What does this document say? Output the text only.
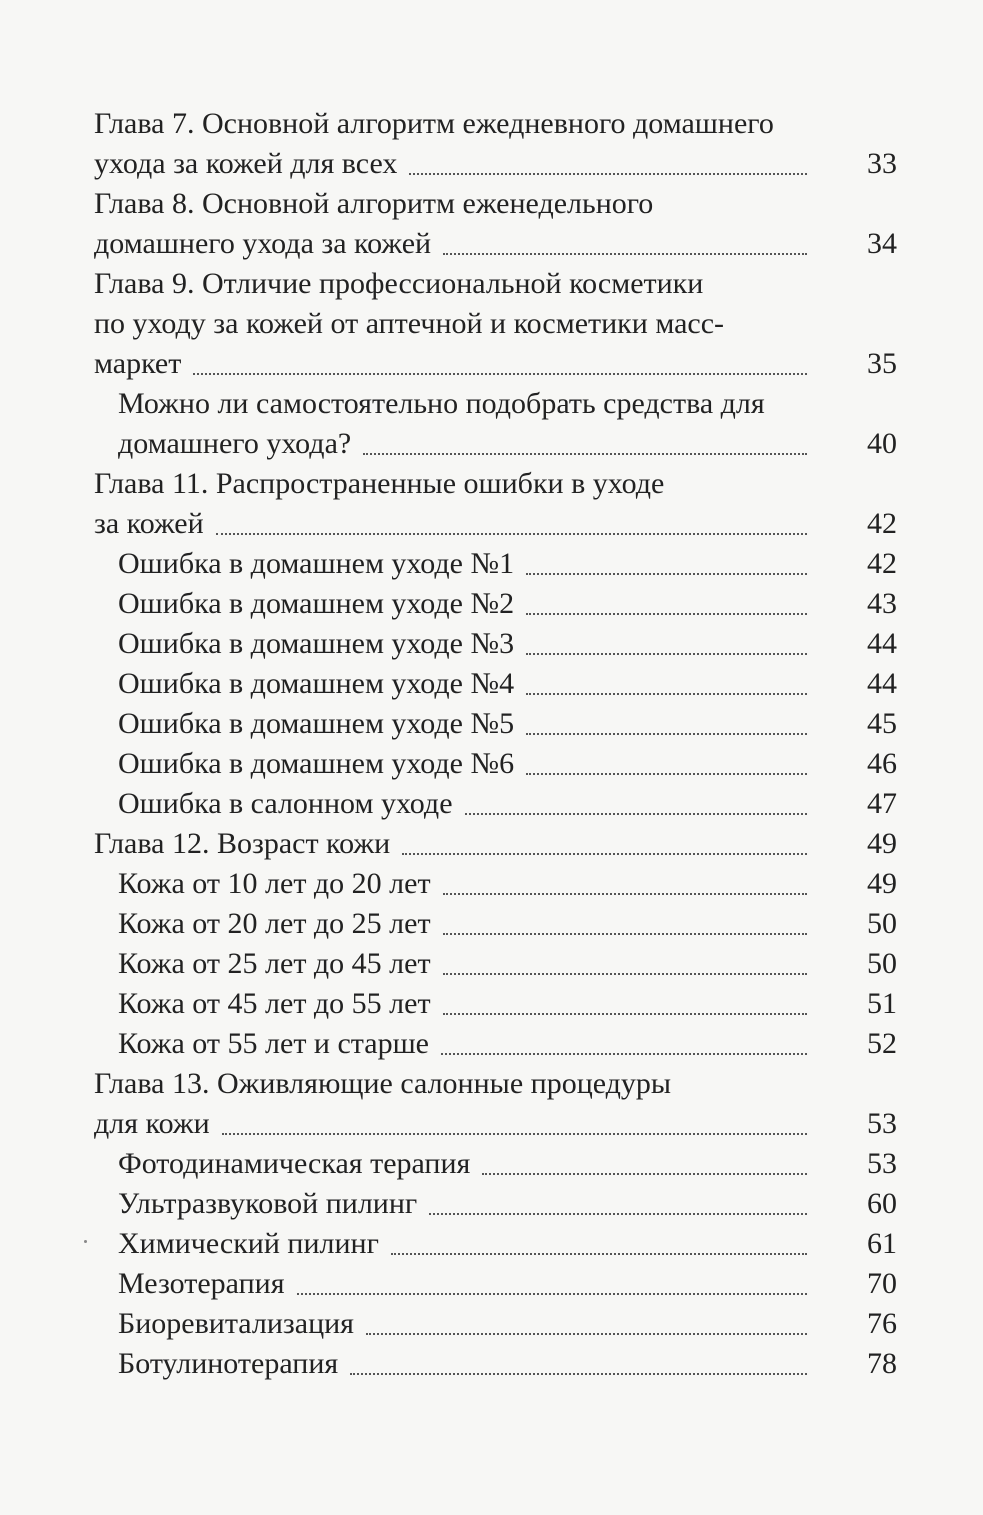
Глава 7. Основной алгоритм ежедневного домашнего
ухода за кожей для всех	33
Глава 8. Основной алгоритм еженедельного
домашнего ухода за кожей	34
Глава 9. Отличие профессиональной косметики
по уходу за кожей от аптечной и косметики масс-
маркет	35
Можно ли самостоятельно подобрать средства для
домашнего ухода?	40
Глава 11. Распространенные ошибки в уходе
за кожей	42
Ошибка в домашнем уходе №1	42
Ошибка в домашнем уходе №2	43
Ошибка в домашнем уходе №3	44
Ошибка в домашнем уходе №4	44
Ошибка в домашнем уходе №5	45
Ошибка в домашнем уходе №6	46
Ошибка в салонном уходе	47
Глава 12. Возраст кожи	49
Кожа от 10 лет до 20 лет	49
Кожа от 20 лет до 25 лет	50
Кожа от 25 лет до 45 лет	50
Кожа от 45 лет до 55 лет	51
Кожа от 55 лет и старше	52
Глава 13. Оживляющие салонные процедуры
для кожи	53
Фотодинамическая терапия	53
Ультразвуковой пилинг	60
Химический пилинг	61
Мезотерапия	70
Биоревитализация	76
Ботулинотерапия	78
